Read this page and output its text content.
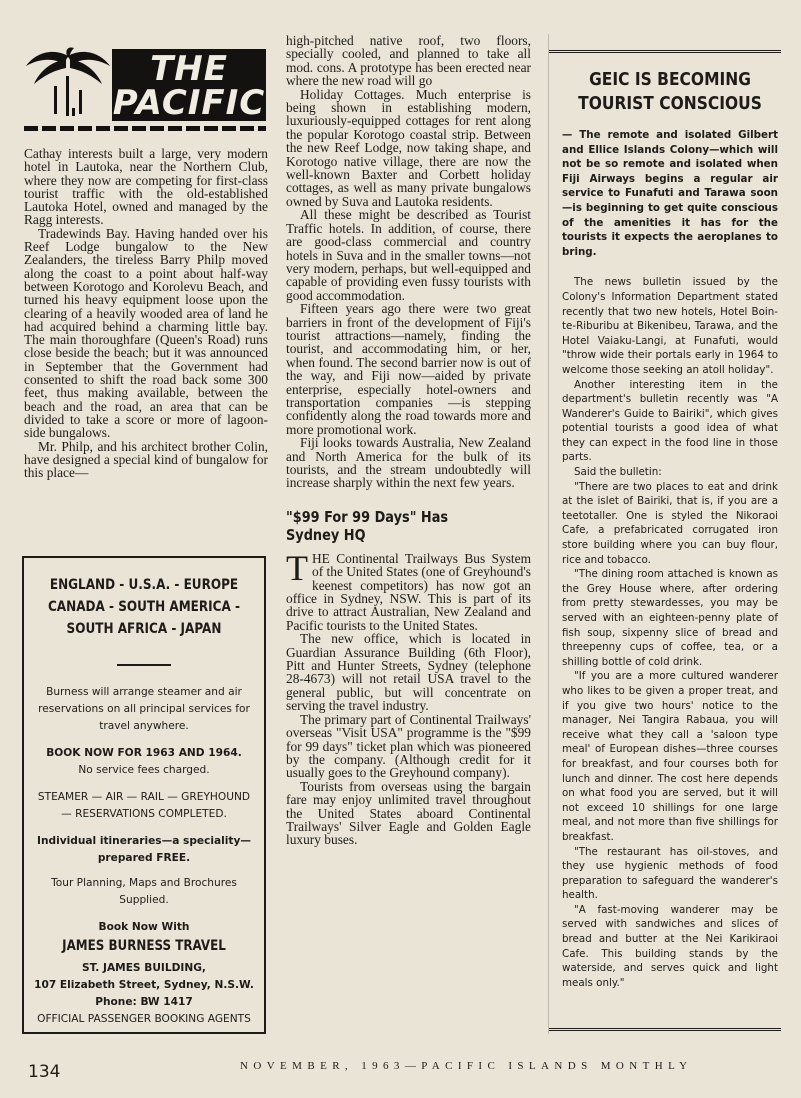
THE
PACIFIC

Cathay interests built a large, very modern hotel in Lautoka, near the Northern Club, where they now are competing for first-class tourist traffic with the old-established Lautoka Hotel, owned and managed by the Ragg interests.

Tradewinds Bay. Having handed over his Reef Lodge bungalow to the New Zealanders, the tireless Barry Philp moved along the coast to a point about half-way between Korotogo and Korolevu Beach, and turned his heavy equipment loose upon the clearing of a heavily wooded area of land he had acquired behind a charming little bay. The main thoroughfare (Queen's Road) runs close beside the beach; but it was announced in September that the Government had consented to shift the road back some 300 feet, thus making available, between the beach and the road, an area that can be divided to take a score or more of lagoon-side bungalows.

Mr. Philp, and his architect brother Colin, have designed a special kind of bungalow for this place—

ENGLAND - U.S.A. - EUROPE
CANADA - SOUTH AMERICA -
SOUTH AFRICA - JAPAN
Burness will arrange steamer and air reservations on all principal services for travel anywhere.
BOOK NOW FOR 1963 AND 1964.
No service fees charged.
STEAMER — AIR — RAIL — GREYHOUND — RESERVATIONS COMPLETED.
Individual itineraries—a speciality—
prepared FREE.
Tour Planning, Maps and Brochures Supplied.
Book Now With
JAMES BURNESS TRAVEL
ST. JAMES BUILDING,
107 Elizabeth Street, Sydney, N.S.W.
Phone: BW 1417
OFFICIAL PASSENGER BOOKING AGENTS

high-pitched native roof, two floors, specially cooled, and planned to take all mod. cons. A prototype has been erected near where the new road will go

Holiday Cottages. Much enterprise is being shown in establishing modern, luxuriously-equipped cottages for rent along the popular Korotogo coastal strip. Between the new Reef Lodge, now taking shape, and Korotogo native village, there are now the well-known Baxter and Corbett holiday cottages, as well as many private bungalows owned by Suva and Lautoka residents.

All these might be described as Tourist Traffic hotels. In addition, of course, there are good-class commercial and country hotels in Suva and in the smaller towns—not very modern, perhaps, but well-equipped and capable of providing even fussy tourists with good accommodation.

Fifteen years ago there were two great barriers in front of the development of Fiji's tourist attractions—namely, finding the tourist, and accommodating him, or her, when found. The second barrier now is out of the way, and Fiji now—aided by private enterprise, especially hotel-owners and transportation companies —is stepping confidently along the road towards more and more promotional work.

Fiji looks towards Australia, New Zealand and North America for the bulk of its tourists, and the stream undoubtedly will increase sharply within the next few years.

"$99 For 99 Days" Has Sydney HQ

THE Continental Trailways Bus System of the United States (one of Greyhound's keenest competitors) has now got an office in Sydney, NSW. This is part of its drive to attract Australian, New Zealand and Pacific tourists to the United States.

The new office, which is located in Guardian Assurance Building (6th Floor), Pitt and Hunter Streets, Sydney (telephone 28-4673) will not retail USA travel to the general public, but will concentrate on serving the travel industry.

The primary part of Continental Trailways' overseas "Visit USA" programme is the "$99 for 99 days" ticket plan which was pioneered by the company. (Although credit for it usually goes to the Greyhound company).

Tourists from overseas using the bargain fare may enjoy unlimited travel throughout the United States aboard Continental Trailways' Silver Eagle and Golden Eagle luxury buses.

GEIC IS BECOMING TOURIST CONSCIOUS
— The remote and isolated Gilbert and Ellice Islands Colony—which will not be so remote and isolated when Fiji Airways begins a regular air service to Funafuti and Tarawa soon—is beginning to get quite conscious of the amenities it has for the tourists it expects the aeroplanes to bring.

The news bulletin issued by the Colony's Information Department stated recently that two new hotels, Hotel Boin-te-Riburibu at Bikenibeu, Tarawa, and the Hotel Vaiaku-Langi, at Funafuti, would "throw wide their portals early in 1964 to welcome those seeking an atoll holiday".

Another interesting item in the department's bulletin recently was "A Wanderer's Guide to Bairiki", which gives potential tourists a good idea of what they can expect in the food line in those parts.

Said the bulletin:

"There are two places to eat and drink at the islet of Bairiki, that is, if you are a teetotaller. One is styled the Nikoraoi Cafe, a prefabricated corrugated iron store building where you can buy flour, rice and tobacco.

"The dining room attached is known as the Grey House where, after ordering from pretty stewardesses, you may be served with an eighteen-penny plate of fish soup, sixpenny slice of bread and threepenny cups of coffee, tea, or a shilling bottle of cold drink.

"If you are a more cultured wanderer who likes to be given a proper treat, and if you give two hours' notice to the manager, Nei Tangira Rabaua, you will receive what they call a 'saloon type meal' of European dishes—three courses for breakfast, and four courses both for lunch and dinner. The cost here depends on what food you are served, but it will not exceed 10 shillings for one large meal, and not more than five shillings for breakfast.

"The restaurant has oil-stoves, and they use hygienic methods of food preparation to safeguard the wanderer's health.

"A fast-moving wanderer may be served with sandwiches and slices of bread and butter at the Nei Karikiraoi Cafe. This building stands by the waterside, and serves quick and light meals only."

134	NOVEMBER, 1963—PACIFIC ISLANDS MONTHLY
